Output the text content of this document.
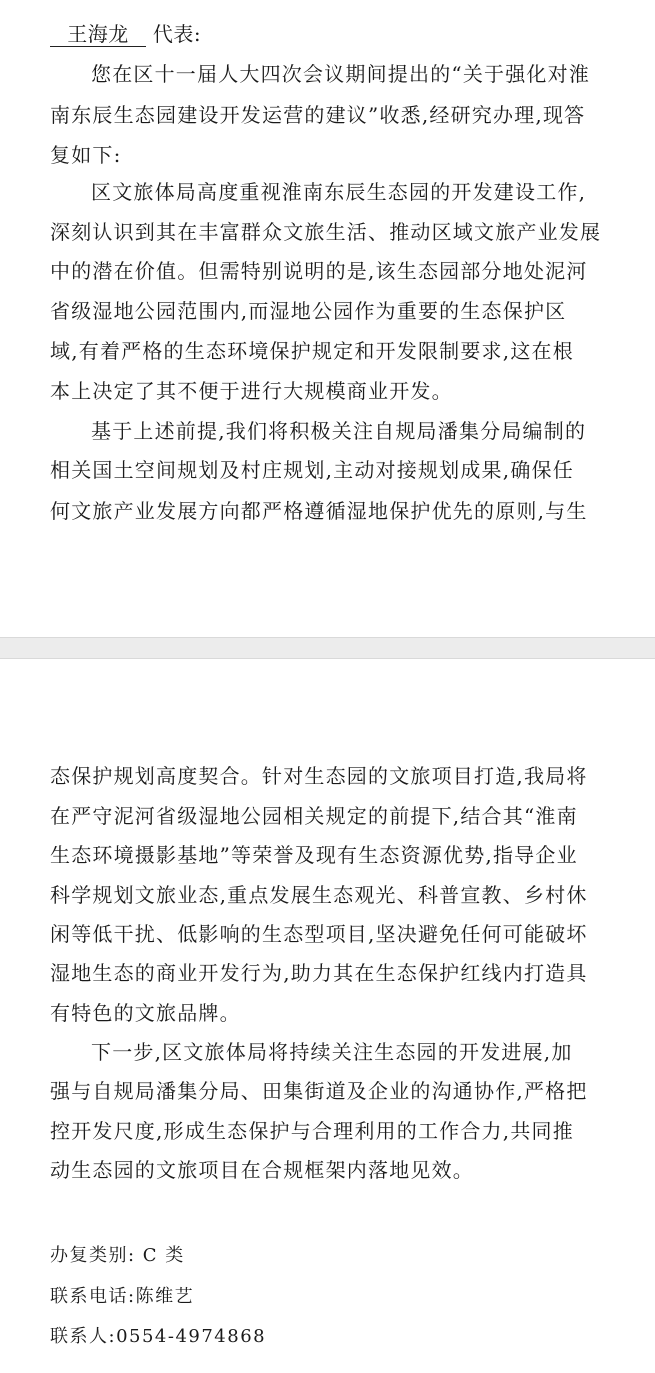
王海龙 代表:
您在区十一届人大四次会议期间提出的“关于强化对淮
南东辰生态园建设开发运营的建议”收悉,经研究办理,现答
复如下:
区文旅体局高度重视淮南东辰生态园的开发建设工作,
深刻认识到其在丰富群众文旅生活、推动区域文旅产业发展
中的潜在价值。但需特别说明的是,该生态园部分地处泥河
省级湿地公园范围内,而湿地公园作为重要的生态保护区
域,有着严格的生态环境保护规定和开发限制要求,这在根
本上决定了其不便于进行大规模商业开发。
基于上述前提,我们将积极关注自规局潘集分局编制的
相关国土空间规划及村庄规划,主动对接规划成果,确保任
何文旅产业发展方向都严格遵循湿地保护优先的原则,与生
态保护规划高度契合。针对生态园的文旅项目打造,我局将
在严守泥河省级湿地公园相关规定的前提下,结合其“淮南
生态环境摄影基地”等荣誉及现有生态资源优势,指导企业
科学规划文旅业态,重点发展生态观光、科普宣教、乡村休
闲等低干扰、低影响的生态型项目,坚决避免任何可能破坏
湿地生态的商业开发行为,助力其在生态保护红线内打造具
有特色的文旅品牌。
下一步,区文旅体局将持续关注生态园的开发进展,加
强与自规局潘集分局、田集街道及企业的沟通协作,严格把
控开发尺度,形成生态保护与合理利用的工作合力,共同推
动生态园的文旅项目在合规框架内落地见效。
办复类别: C 类
联系电话:陈维艺
联系人:0554-4974868
